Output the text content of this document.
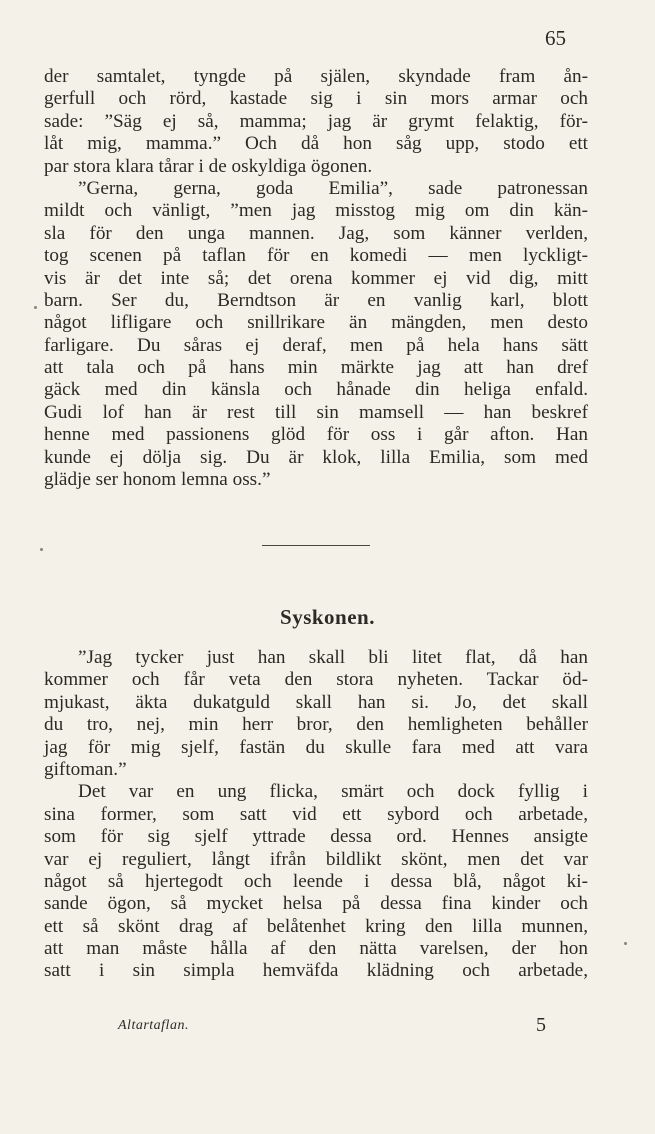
65
der samtalet, tyngde på själen, skyndade fram ån-
gerfull och rörd, kastade sig i sin mors armar och
sade: ”Säg ej så, mamma; jag är grymt felaktig, för-
låt mig, mamma.” Och då hon såg upp, stodo ett
par stora klara tårar i de oskyldiga ögonen.
”Gerna, gerna, goda Emilia”, sade patronessan
mildt och vänligt, ”men jag misstog mig om din kän-
sla för den unga mannen. Jag, som känner verlden,
tog scenen på taflan för en komedi — men lyckligt-
vis är det inte så; det orena kommer ej vid dig, mitt
barn. Ser du, Berndtson är en vanlig karl, blott
något lifligare och snillrikare än mängden, men desto
farligare. Du såras ej deraf, men på hela hans sätt
att tala och på hans min märkte jag att han dref
gäck med din känsla och hånade din heliga enfald.
Gudi lof han är rest till sin mamsell — han beskref
henne med passionens glöd för oss i går afton. Han
kunde ej dölja sig. Du är klok, lilla Emilia, som med
glädje ser honom lemna oss.”
Syskonen.
”Jag tycker just han skall bli litet flat, då han
kommer och får veta den stora nyheten. Tackar öd-
mjukast, äkta dukatguld skall han si. Jo, det skall
du tro, nej, min herr bror, den hemligheten behåller
jag för mig sjelf, fastän du skulle fara med att vara
giftoman.”
Det var en ung flicka, smärt och dock fyllig i
sina former, som satt vid ett sybord och arbetade,
som för sig sjelf yttrade dessa ord. Hennes ansigte
var ej reguliert, långt ifrån bildlikt skönt, men det var
något så hjertegodt och leende i dessa blå, något ki-
sande ögon, så mycket helsa på dessa fina kinder och
ett så skönt drag af belåtenhet kring den lilla munnen,
att man måste hålla af den nätta varelsen, der hon
satt i sin simpla hemväfda klädning och arbetade,
Altartaflan.	5
